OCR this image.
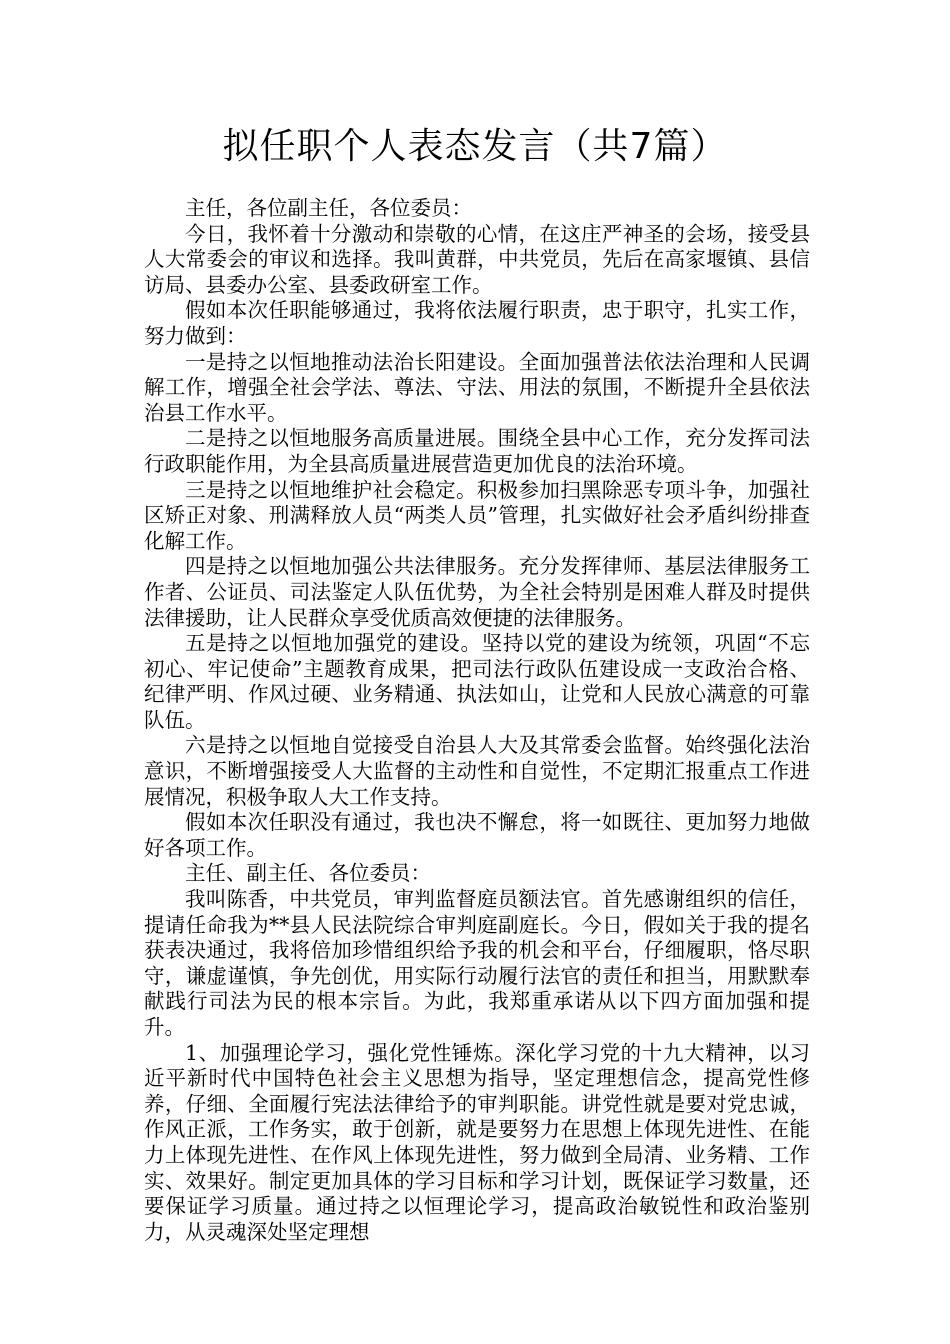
拟任职个人表态发言（共7篇）

主任，各位副主任，各位委员：

今日，我怀着十分激动和崇敬的心情，在这庄严神圣的会场，接受县人大常委会的审议和选择。我叫黄群，中共党员，先后在高家堰镇、县信访局、县委办公室、县委政研室工作。

假如本次任职能够通过，我将依法履行职责，忠于职守，扎实工作，努力做到：

一是持之以恒地推动法治长阳建设。全面加强普法依法治理和人民调解工作，增强全社会学法、尊法、守法、用法的氛围，不断提升全县依法治县工作水平。

二是持之以恒地服务高质量进展。围绕全县中心工作，充分发挥司法行政职能作用，为全县高质量进展营造更加优良的法治环境。

三是持之以恒地维护社会稳定。积极参加扫黑除恶专项斗争，加强社区矫正对象、刑满释放人员“两类人员”管理，扎实做好社会矛盾纠纷排查化解工作。

四是持之以恒地加强公共法律服务。充分发挥律师、基层法律服务工作者、公证员、司法鉴定人队伍优势，为全社会特别是困难人群及时提供法律援助，让人民群众享受优质高效便捷的法律服务。

五是持之以恒地加强党的建设。坚持以党的建设为统领，巩固“不忘初心、牢记使命”主题教育成果，把司法行政队伍建设成一支政治合格、纪律严明、作风过硬、业务精通、执法如山，让党和人民放心满意的可靠队伍。

六是持之以恒地自觉接受自治县人大及其常委会监督。始终强化法治意识，不断增强接受人大监督的主动性和自觉性，不定期汇报重点工作进展情况，积极争取人大工作支持。

假如本次任职没有通过，我也决不懈怠，将一如既往、更加努力地做好各项工作。

主任、副主任、各位委员：

我叫陈香，中共党员，审判监督庭员额法官。首先感谢组织的信任，提请任命我为**县人民法院综合审判庭副庭长。今日，假如关于我的提名获表决通过，我将倍加珍惜组织给予我的机会和平台，仔细履职，恪尽职守，谦虚谨慎，争先创优，用实际行动履行法官的责任和担当，用默默奉献践行司法为民的根本宗旨。为此，我郑重承诺从以下四方面加强和提升。

1、加强理论学习，强化党性锤炼。深化学习党的十九大精神，以习近平新时代中国特色社会主义思想为指导，坚定理想信念，提高党性修养，仔细、全面履行宪法法律给予的审判职能。讲党性就是要对党忠诚，作风正派，工作务实，敢于创新，就是要努力在思想上体现先进性、在能力上体现先进性、在作风上体现先进性，努力做到全局清、业务精、工作实、效果好。制定更加具体的学习目标和学习计划，既保证学习数量，还要保证学习质量。通过持之以恒理论学习，提高政治敏锐性和政治鉴别力，从灵魂深处坚定理想
